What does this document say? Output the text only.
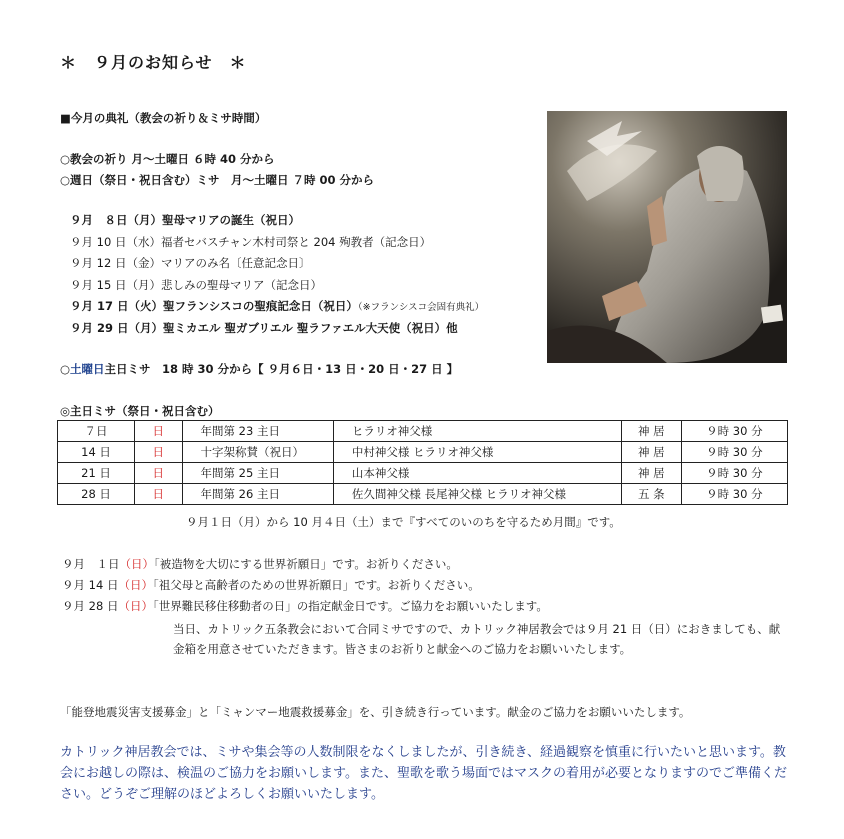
＊　９月のお知らせ　＊
■今月の典礼（教会の祈り＆ミサ時間）
○教会の祈り 月〜土曜日 ６時 40 分から
○週日（祭日・祝日含む）ミサ　月〜土曜日 ７時 00 分から
９月　８日（月）聖母マリアの誕生（祝日）
９月 10 日（水）福者セバスチャン木村司祭と 204 殉教者（記念日）
９月 12 日（金）マリアのみ名〔任意記念日〕
９月 15 日（月）悲しみの聖母マリア（記念日）
９月 17 日（火）聖フランシスコの聖痕記念日（祝日）（※フランシスコ会固有典礼）
９月 29 日（月）聖ミカエル 聖ガブリエル 聖ラファエル大天使（祝日）他
○土曜日主日ミサ　18 時 30 分から【 ９月６日・13 日・20 日・27 日 】
◎主日ミサ（祭日・祝日含む）
７日	日	年間第 23 主日	ヒラリオ神父様	神 居	９時 30 分
14 日	日	十字架称賛（祝日）	中村神父様 ヒラリオ神父様	神 居	９時 30 分
21 日	日	年間第 25 主日	山本神父様	神 居	９時 30 分
28 日	日	年間第 26 主日	佐久間神父様 長尾神父様 ヒラリオ神父様	五 条	９時 30 分
９月１日（月）から 10 月４日（土）まで『すべてのいのちを守るため月間』です。
９月　１日（日）「被造物を大切にする世界祈願日」です。お祈りください。
９月 14 日（日）「祖父母と高齢者のための世界祈願日」です。お祈りください。
９月 28 日（日）「世界難民移住移動者の日」の指定献金日です。ご協力をお願いいたします。
当日、カトリック五条教会において合同ミサですので、カトリック神居教会では９月 21 日（日）におきましても、献金箱を用意させていただきます。皆さまのお祈りと献金へのご協力をお願いいたします。
「能登地震災害支援募金」と「ミャンマー地震救援募金」を、引き続き行っています。献金のご協力をお願いいたします。
カトリック神居教会では、ミサや集会等の人数制限をなくしましたが、引き続き、経過観察を慎重に行いたいと思います。教会にお越しの際は、検温のご協力をお願いします。また、聖歌を歌う場面ではマスクの着用が必要となりますのでご準備ください。どうぞご理解のほどよろしくお願いいたします。
